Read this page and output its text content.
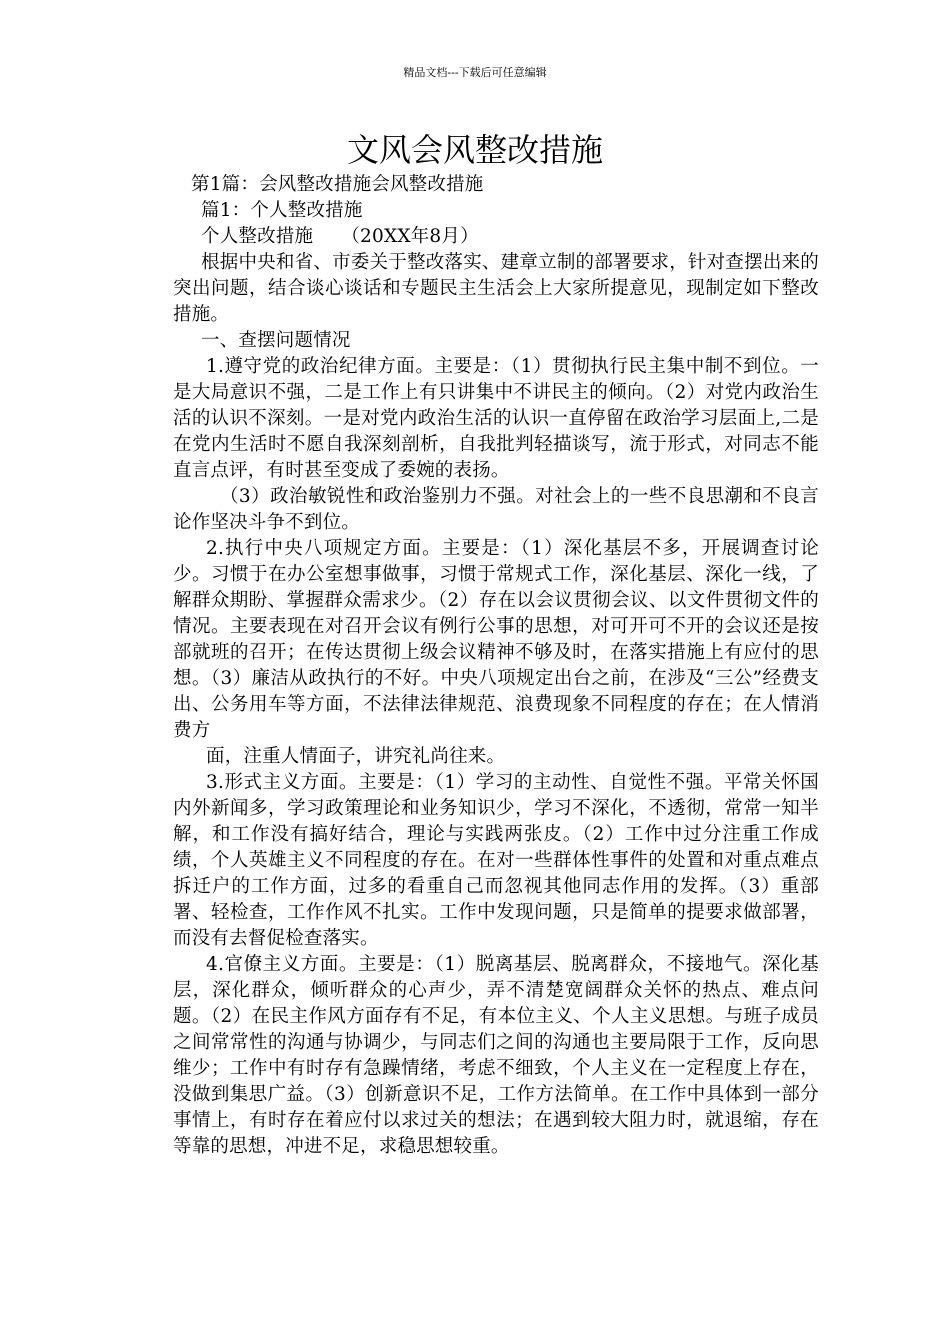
精品文档---下载后可任意编辑
文风会风整改措施

第1篇：会风整改措施会风整改措施

篇1：个人整改措施

个人整改措施　　（20XX年8月）

根据中央和省、市委关于整改落实、建章立制的部署要求，针对查摆出来的突出问题，结合谈心谈话和专题民主生活会上大家所提意见，现制定如下整改措施。

一、查摆问题情况

1.遵守党的政治纪律方面。主要是：（1）贯彻执行民主集中制不到位。一是大局意识不强，二是工作上有只讲集中不讲民主的倾向。（2）对党内政治生活的认识不深刻。一是对党内政治生活的认识一直停留在政治学习层面上,二是在党内生活时不愿自我深刻剖析，自我批判轻描谈写，流于形式，对同志不能直言点评，有时甚至变成了委婉的表扬。

（3）政治敏锐性和政治鉴别力不强。对社会上的一些不良思潮和不良言论作坚决斗争不到位。

2.执行中央八项规定方面。主要是：（1）深化基层不多，开展调查讨论少。习惯于在办公室想事做事，习惯于常规式工作，深化基层、深化一线，了解群众期盼、掌握群众需求少。（2）存在以会议贯彻会议、以文件贯彻文件的情况。主要表现在对召开会议有例行公事的思想，对可开可不开的会议还是按部就班的召开；在传达贯彻上级会议精神不够及时，在落实措施上有应付的思想。（3）廉洁从政执行的不好。中央八项规定出台之前，在涉及“三公”经费支出、公务用车等方面，不法律法律规范、浪费现象不同程度的存在；在人情消费方

面，注重人情面子，讲究礼尚往来。

3.形式主义方面。主要是：（1）学习的主动性、自觉性不强。平常关怀国内外新闻多，学习政策理论和业务知识少，学习不深化，不透彻，常常一知半解，和工作没有搞好结合，理论与实践两张皮。（2）工作中过分注重工作成绩，个人英雄主义不同程度的存在。在对一些群体性事件的处置和对重点难点拆迁户的工作方面，过多的看重自己而忽视其他同志作用的发挥。（3）重部署、轻检查，工作作风不扎实。工作中发现问题，只是简单的提要求做部署，而没有去督促检查落实。

4.官僚主义方面。主要是：（1）脱离基层、脱离群众，不接地气。深化基层，深化群众，倾听群众的心声少，弄不清楚宽阔群众关怀的热点、难点问题。（2）在民主作风方面存有不足，有本位主义、个人主义思想。与班子成员之间常常性的沟通与协调少，与同志们之间的沟通也主要局限于工作，反向思维少；工作中有时存有急躁情绪，考虑不细致，个人主义在一定程度上存在，没做到集思广益。（3）创新意识不足，工作方法简单。在工作中具体到一部分事情上，有时存在着应付以求过关的想法；在遇到较大阻力时，就退缩，存在等靠的思想，冲进不足，求稳思想较重。
